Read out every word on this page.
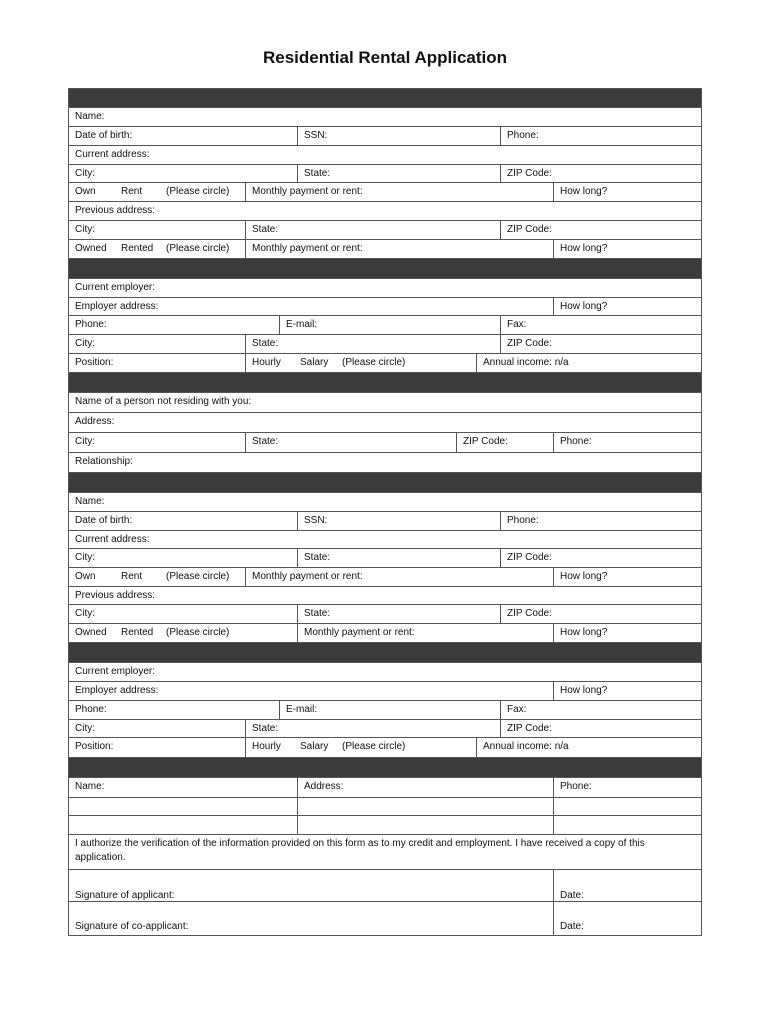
Residential Rental Application
Name:
Date of birth:	SSN:	Phone:
Current address:
City:	State:	ZIP Code:
Own	Rent (Please circle)	Monthly payment or rent:	How long?
Previous address:
City:	State:	ZIP Code:
Owned Rented (Please circle)	Monthly payment or rent:	How long?
Current employer:
Employer address:	How long?
Phone:	E-mail:	Fax:
City:	State:	ZIP Code:
Position:	Hourly Salary (Please circle)	Annual income: n/a
Name of a person not residing with you:
Address:
City:	State:	ZIP Code:	Phone:
Relationship:
Name:
Date of birth:	SSN:	Phone:
Current address:
City:	State:	ZIP Code:
Own	Rent (Please circle)	Monthly payment or rent:	How long?
Previous address:
City:	State:	ZIP Code:
Owned Rented (Please circle)	Monthly payment or rent:	How long?
Current employer:
Employer address:	How long?
Phone:	E-mail:	Fax:
City:	State:	ZIP Code:
Position:	Hourly Salary (Please circle)	Annual income: n/a
Name:	Address:	Phone:
I authorize the verification of the information provided on this form as to my credit and employment. I have received a copy of this application.
Signature of applicant:	Date:
Signature of co-applicant:	Date:
